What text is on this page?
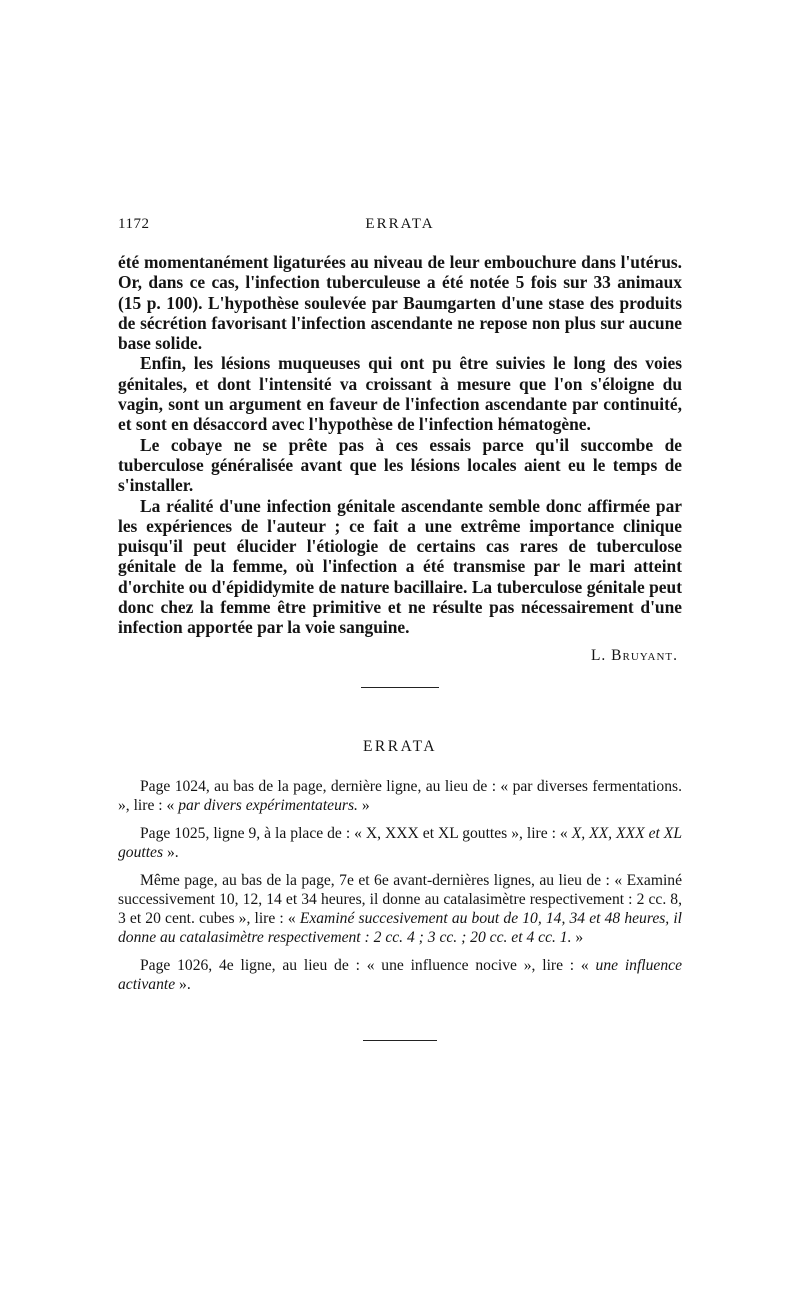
1172	ERRATA

été momentanément ligaturées au niveau de leur embouchure dans l'utérus. Or, dans ce cas, l'infection tuberculeuse a été notée 5 fois sur 33 animaux (15 p. 100). L'hypothèse soulevée par Baumgarten d'une stase des produits de sécrétion favorisant l'infection ascendante ne repose non plus sur aucune base solide.

Enfin, les lésions muqueuses qui ont pu être suivies le long des voies génitales, et dont l'intensité va croissant à mesure que l'on s'éloigne du vagin, sont un argument en faveur de l'infection ascendante par continuité, et sont en désaccord avec l'hypothèse de l'infection hématogène.

Le cobaye ne se prête pas à ces essais parce qu'il succombe de tuberculose généralisée avant que les lésions locales aient eu le temps de s'installer.

La réalité d'une infection génitale ascendante semble donc affirmée par les expériences de l'auteur ; ce fait a une extrême importance clinique puisqu'il peut élucider l'étiologie de certains cas rares de tuberculose génitale de la femme, où l'infection a été transmise par le mari atteint d'orchite ou d'épididymite de nature bacillaire. La tuberculose génitale peut donc chez la femme être primitive et ne résulte pas nécessairement d'une infection apportée par la voie sanguine.

L. Bruyant.
ERRATA

Page 1024, au bas de la page, dernière ligne, au lieu de : « par diverses fermentations. », lire : « par divers expérimentateurs. »

Page 1025, ligne 9, à la place de : « X, XXX et XL gouttes », lire : « X, XX, XXX et XL gouttes ».

Même page, au bas de la page, 7e et 6e avant-dernières lignes, au lieu de : « Examiné successivement 10, 12, 14 et 34 heures, il donne au catalasimètre respectivement : 2 cc. 8, 3 et 20 cent. cubes », lire : « Examiné succesivement au bout de 10, 14, 34 et 48 heures, il donne au catalasimètre respectivement : 2 cc. 4 ; 3 cc. ; 20 cc. et 4 cc. 1. »

Page 1026, 4e ligne, au lieu de : « une influence nocive », lire : « une influence activante ».
